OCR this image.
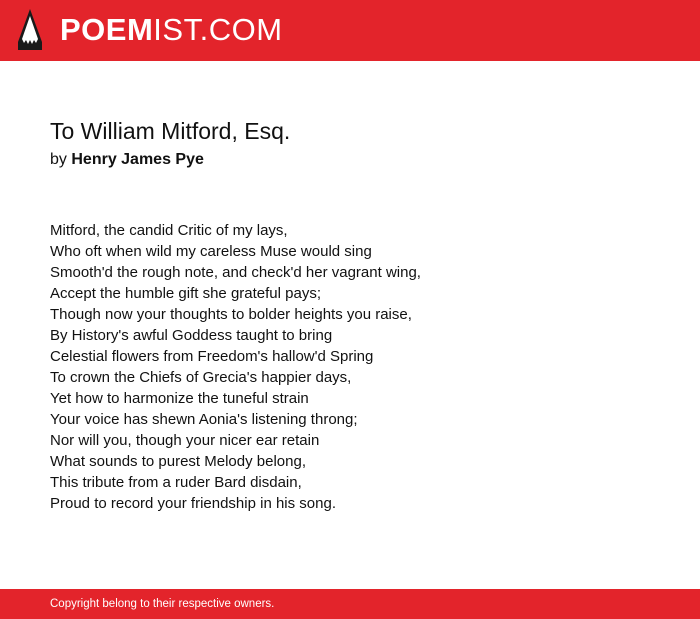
POEMIST.COM
To William Mitford, Esq.
by Henry James Pye
Mitford, the candid Critic of my lays,
Who oft when wild my careless Muse would sing
Smooth'd the rough note, and check'd her vagrant wing,
Accept the humble gift she grateful pays;
Though now your thoughts to bolder heights you raise,
By History's awful Goddess taught to bring
Celestial flowers from Freedom's hallow'd Spring
To crown the Chiefs of Grecia's happier days,
Yet how to harmonize the tuneful strain
Your voice has shewn Aonia's listening throng;
Nor will you, though your nicer ear retain
What sounds to purest Melody belong,
This tribute from a ruder Bard disdain,
Proud to record your friendship in his song.
Copyright belong to their respective owners.
